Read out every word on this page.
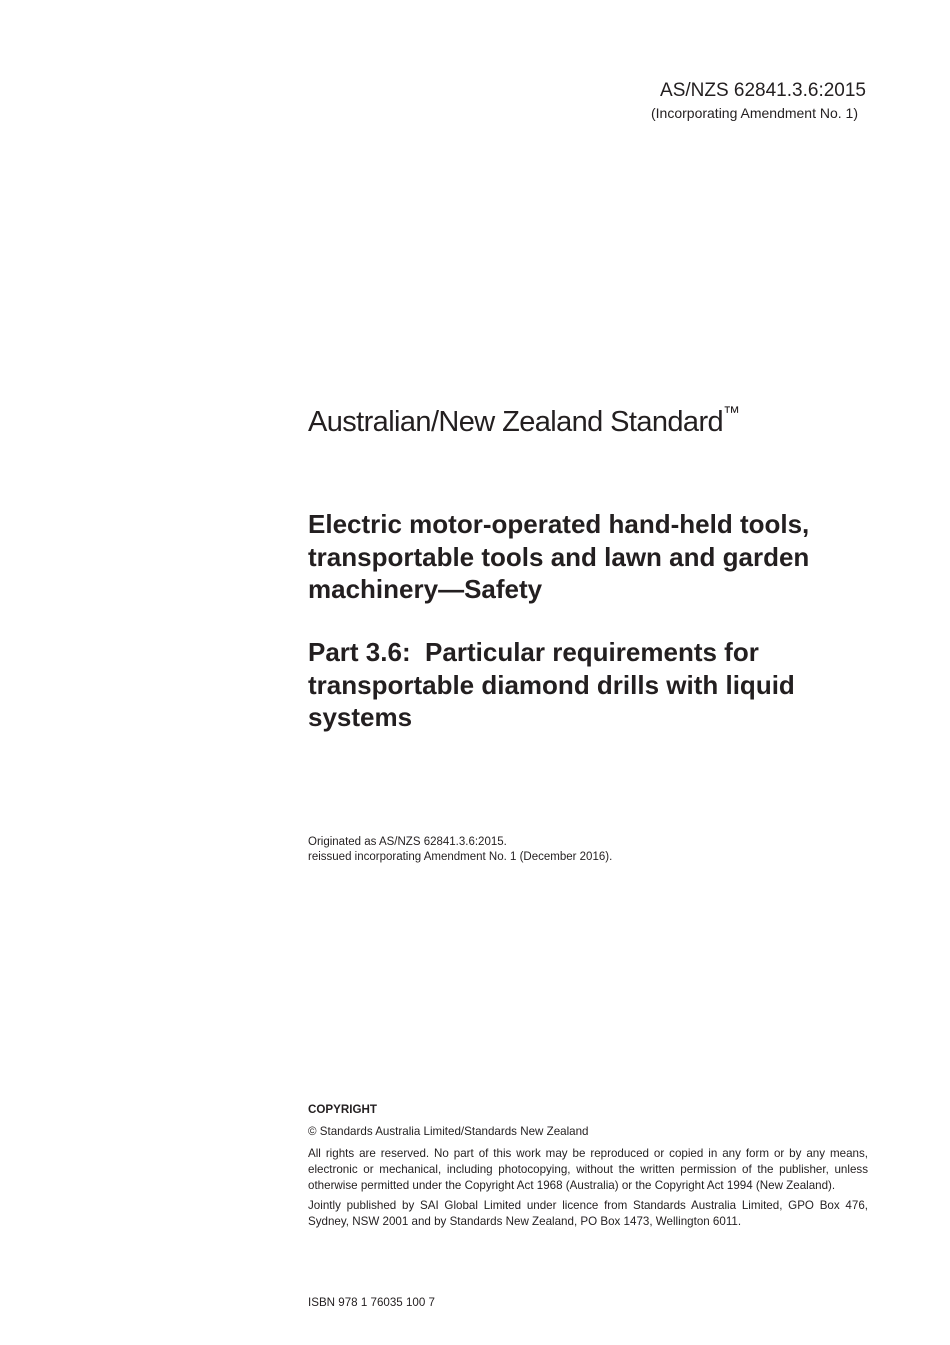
AS/NZS 62841.3.6:2015
(Incorporating Amendment No. 1)
Australian/New Zealand Standard™
Electric motor-operated hand-held tools,
transportable tools and lawn and garden
machinery—Safety
Part 3.6:  Particular requirements for
transportable diamond drills with liquid
systems
Originated as AS/NZS 62841.3.6:2015.
reissued incorporating Amendment No. 1 (December 2016).

COPYRIGHT

© Standards Australia Limited/Standards New Zealand

All rights are reserved. No part of this work may be reproduced or copied in any form or by any means, electronic or mechanical, including photocopying, without the written permission of the publisher, unless otherwise permitted under the Copyright Act 1968 (Australia) or the Copyright Act 1994 (New Zealand).

Jointly published by SAI Global Limited under licence from Standards Australia Limited, GPO Box 476, Sydney, NSW 2001 and by Standards New Zealand, PO Box 1473, Wellington 6011.

ISBN 978 1 76035 100 7
